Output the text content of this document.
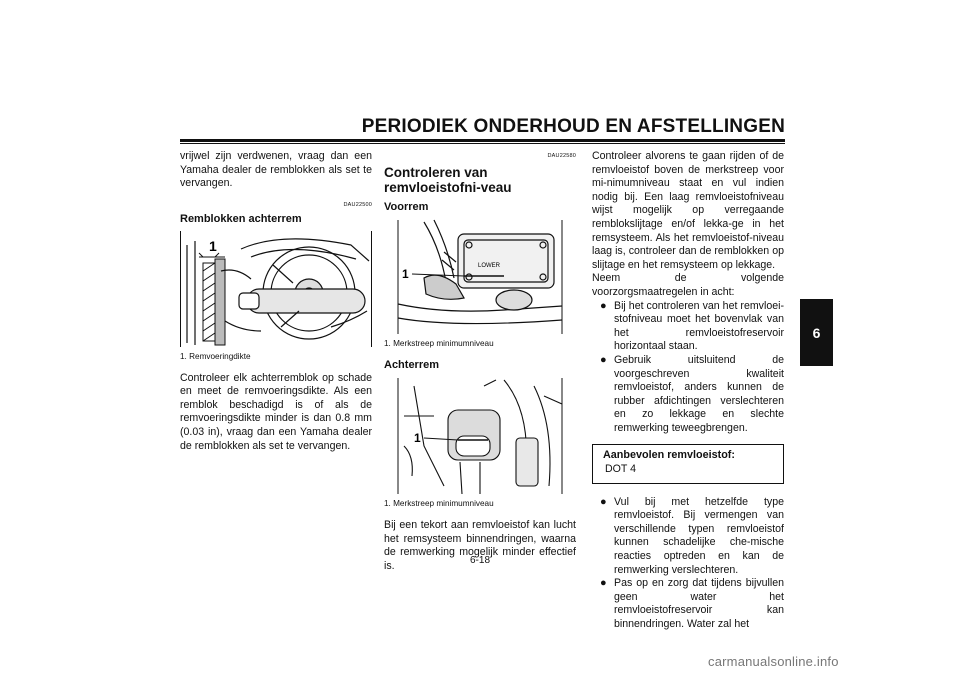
PERIODIEK ONDERHOUD EN AFSTELLINGEN
6

vrijwel zijn verdwenen, vraag dan een Yamaha dealer de remblokken als set te vervangen.

DAU22500
Remblokken achterrem
1
1. Remvoeringdikte

Controleer elk achterremblok op schade en meet de remvoeringsdikte. Als een remblok beschadigd is of als de remvoeringsdikte minder is dan 0.8 mm (0.03 in), vraag dan een Yamaha dealer de remblokken als set te vervangen.

DAU22580
Controleren van remvloeistofni-veau
Voorrem
LOWER
1
1. Merkstreep minimumniveau
Achterrem
1
1. Merkstreep minimumniveau

Bij een tekort aan remvloeistof kan lucht het remsysteem binnendringen, waarna de remwerking mogelijk minder effectief is.

Controleer alvorens te gaan rijden of de remvloeistof boven de merkstreep voor mi-nimumniveau staat en vul indien nodig bij. Een laag remvloeistofniveau wijst mogelijk op verregaande remblokslijtage en/of lekka-ge in het remsysteem. Als het remvloeistof-niveau laag is, controleer dan de remblokken op slijtage en het remsysteem op lekkage.

Neem de volgende voorzorgsmaatregelen in acht:

● Bij het controleren van het remvloei-stofniveau moet het bovenvlak van het remvloeistofreservoir horizontaal staan.
● Gebruik uitsluitend de voorgeschreven kwaliteit remvloeistof, anders kunnen de rubber afdichtingen verslechteren en zo lekkage en slechte remwerking teweegbrengen.
Aanbevolen remvloeistof:
DOT 4
● Vul bij met hetzelfde type remvloeistof. Bij vermengen van verschillende typen remvloeistof kunnen schadelijke che-mische reacties optreden en kan de remwerking verslechteren.
● Pas op en zorg dat tijdens bijvullen geen water het remvloeistofreservoir kan binnendringen. Water zal het
6-18
carmanualsonline.info
